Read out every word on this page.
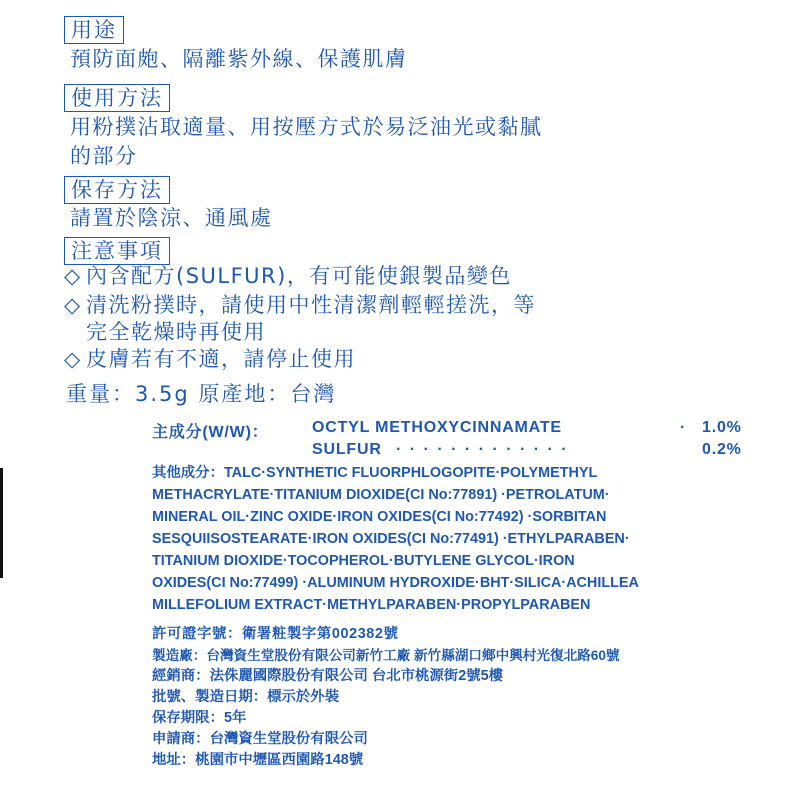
用途
預防面皰、隔離紫外線、保護肌膚
使用方法
用粉撲沾取適量、用按壓方式於易泛油光或黏膩
的部分
保存方法
請置於陰涼、通風處
注意事項
◇ 內含配方(SULFUR)，有可能使銀製品變色
◇ 清洗粉撲時，請使用中性清潔劑輕輕搓洗，等
完全乾燥時再使用
◇ 皮膚若有不適，請停止使用
重量：3.5g 原產地：台灣
主成分(W/W)：	OCTYL METHOXYCINNAMATE	· 1.0%
SULFUR · · · · · · · · · · · · ·	0.2%
其他成分：TALC·SYNTHETIC FLUORPHLOGOPITE·POLYMETHYL
METHACRYLATE·TITANIUM DIOXIDE(CI No:77891) ·PETROLATUM·
MINERAL OIL·ZINC OXIDE·IRON OXIDES(CI No:77492) ·SORBITAN
SESQUIISOSTEARATE·IRON OXIDES(CI No:77491) ·ETHYLPARABEN·
TITANIUM DIOXIDE·TOCOPHEROL·BUTYLENE GLYCOL·IRON
OXIDES(CI No:77499) ·ALUMINUM HYDROXIDE·BHT·SILICA·ACHILLEA
MILLEFOLIUM EXTRACT·METHYLPARABEN·PROPYLPARABEN
許可證字號：衛署粧製字第002382號
製造廠：台灣資生堂股份有限公司新竹工廠 新竹縣湖口鄉中興村光復北路60號
經銷商：法侏麗國際股份有限公司 台北市桃源街2號5樓
批號、製造日期：標示於外裝
保存期限：5年
申請商：台灣資生堂股份有限公司
地址：桃園市中壢區西園路148號
